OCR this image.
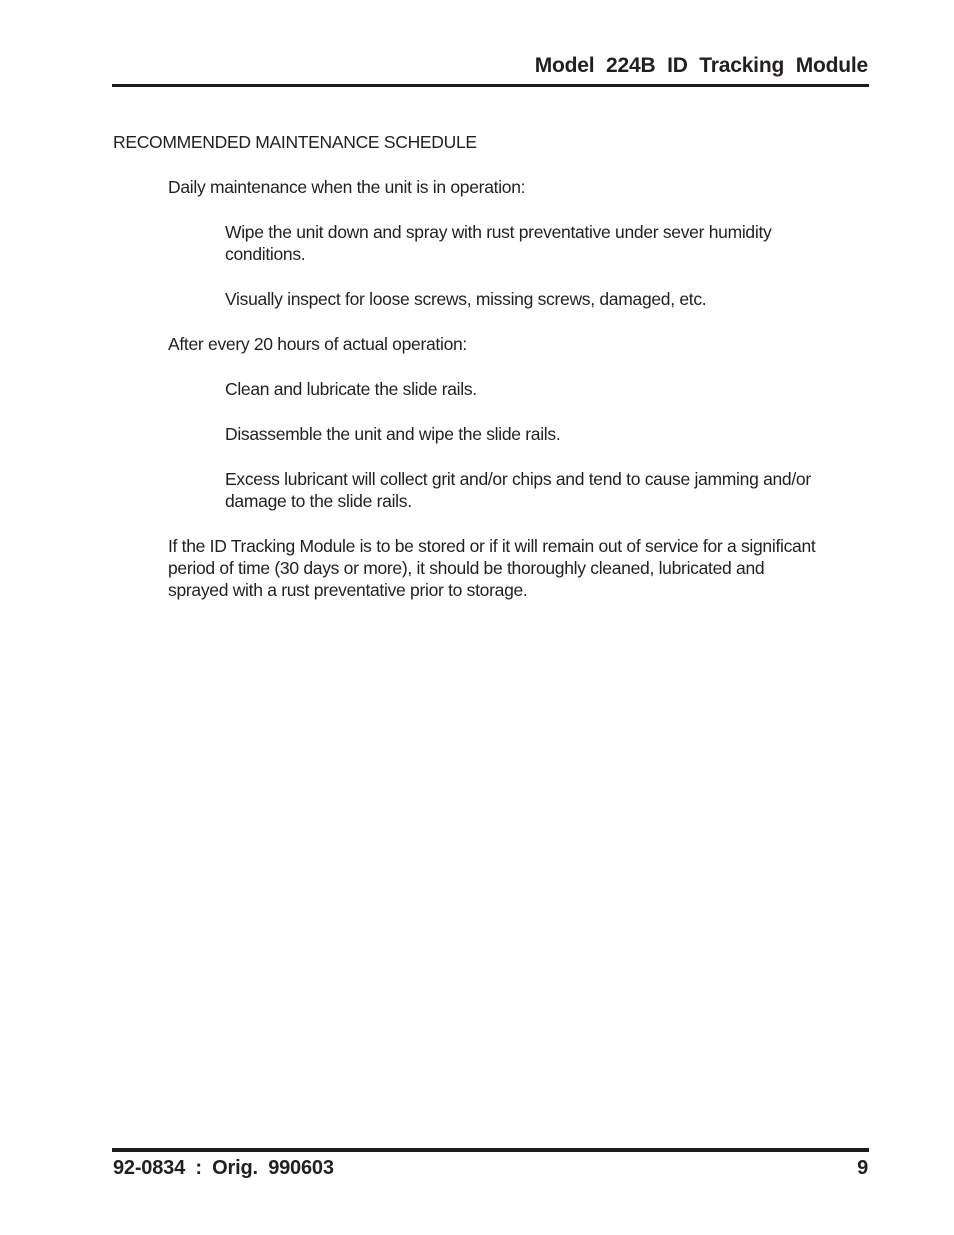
Model 224B ID Tracking Module
RECOMMENDED MAINTENANCE SCHEDULE
Daily maintenance when the unit is in operation:
Wipe the unit down and spray with rust preventative under sever humidity
conditions.
Visually inspect for loose screws, missing screws, damaged, etc.
After every 20 hours of actual operation:
Clean and lubricate the slide rails.
Disassemble the unit and wipe the slide rails.
Excess lubricant will collect grit and/or chips and tend to cause jamming and/or
damage to the slide rails.
If the ID Tracking Module is to be stored or if it will remain out of service for a significant
period of time (30 days or more), it should be thoroughly cleaned, lubricated and
sprayed with a rust preventative prior to storage.
92-0834 : Orig. 990603	9
